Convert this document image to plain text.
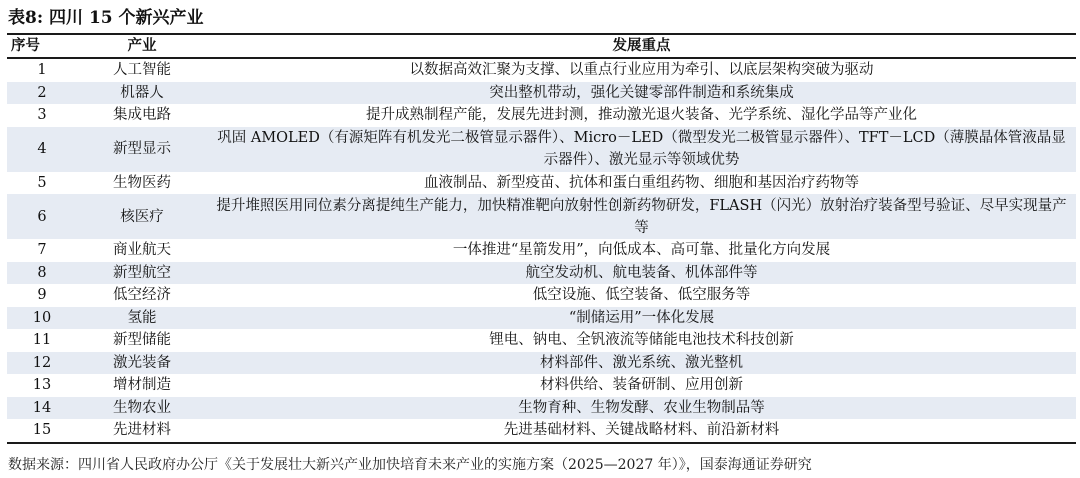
表8: 四川 15 个新兴产业
序号	产业	发展重点
1	人工智能	以数据高效汇聚为支撑、以重点行业应用为牵引、以底层架构突破为驱动
2	机器人	突出整机带动，强化关键零部件制造和系统集成
3	集成电路	提升成熟制程产能，发展先进封测，推动激光退火装备、光学系统、湿化学品等产业化
4	新型显示	巩固 AMOLED（有源矩阵有机发光二极管显示器件）、Micro－LED（微型发光二极管显示器件）、TFT－LCD（薄膜晶体管液晶显示器件）、激光显示等领域优势
5	生物医药	血液制品、新型疫苗、抗体和蛋白重组药物、细胞和基因治疗药物等
6	核医疗	提升堆照医用同位素分离提纯生产能力，加快精准靶向放射性创新药物研发，FLASH（闪光）放射治疗装备型号验证、尽早实现量产等
7	商业航天	一体推进“星箭发用”，向低成本、高可靠、批量化方向发展
8	新型航空	航空发动机、航电装备、机体部件等
9	低空经济	低空设施、低空装备、低空服务等
10	氢能	“制储运用”一体化发展
11	新型储能	锂电、钠电、全钒液流等储能电池技术科技创新
12	激光装备	材料部件、激光系统、激光整机
13	增材制造	材料供给、装备研制、应用创新
14	生物农业	生物育种、生物发酵、农业生物制品等
15	先进材料	先进基础材料、关键战略材料、前沿新材料
数据来源：四川省人民政府办公厅《关于发展壮大新兴产业加快培育未来产业的实施方案（2025—2027 年）》，国泰海通证券研究
